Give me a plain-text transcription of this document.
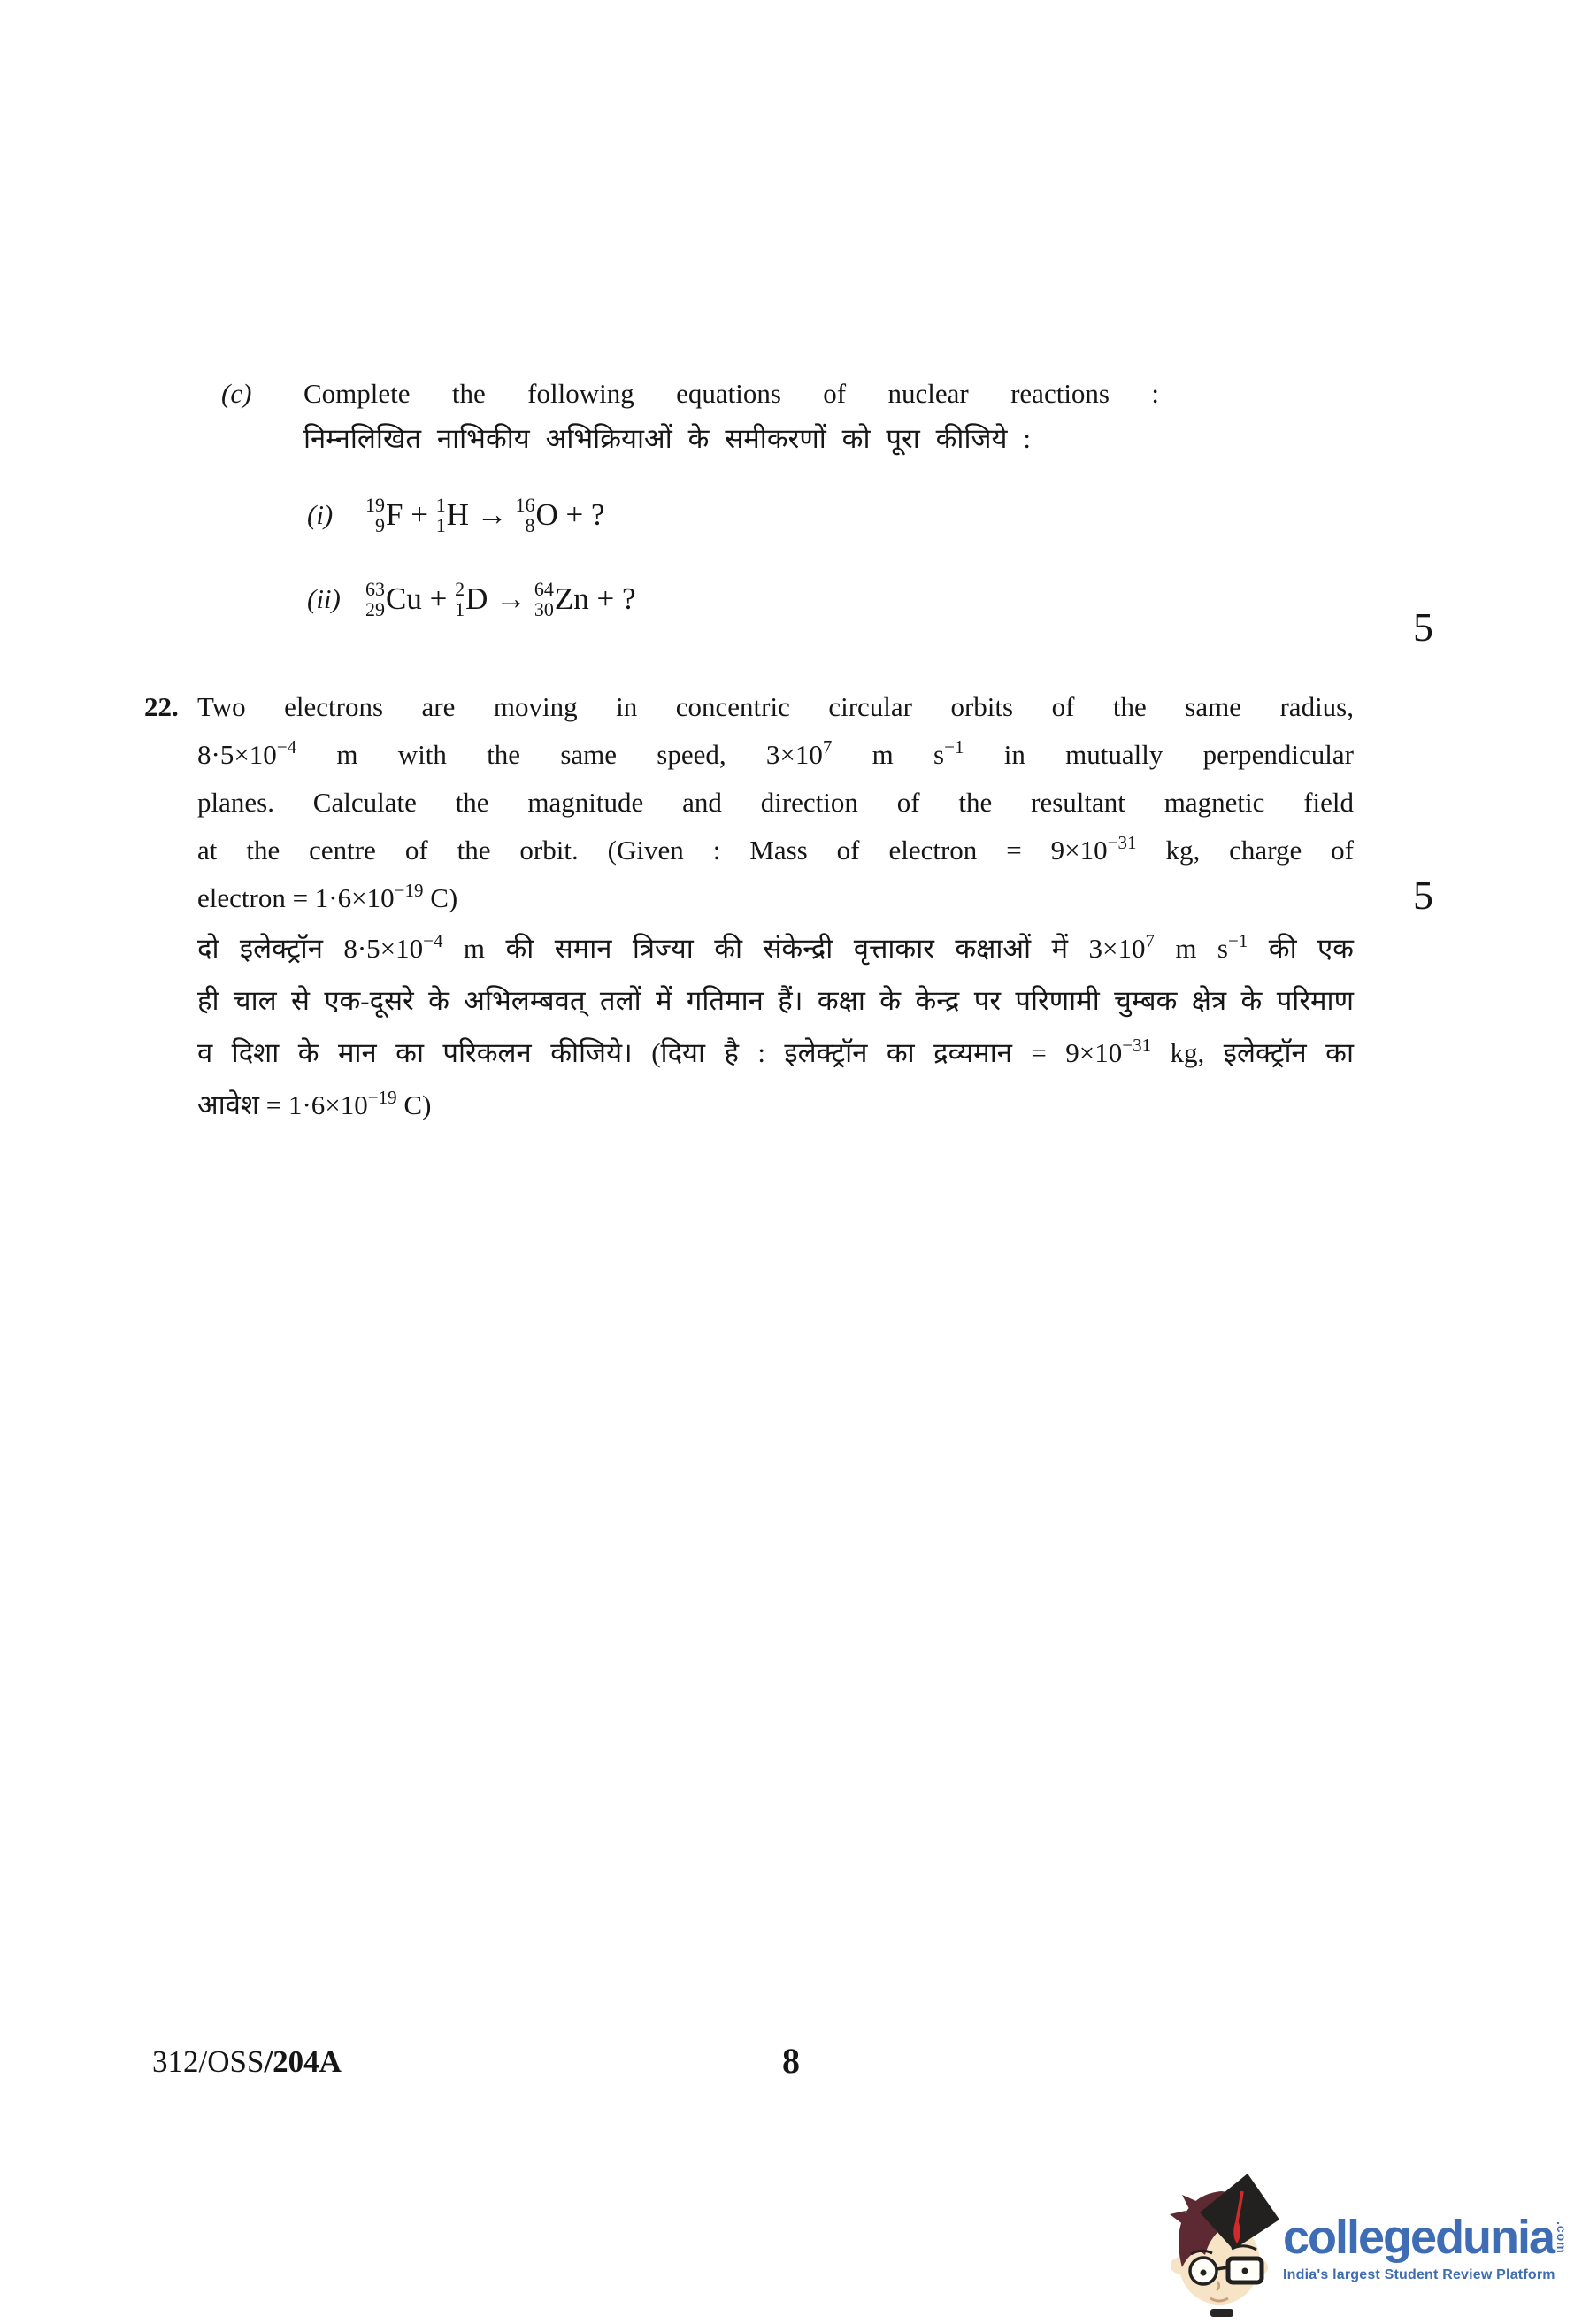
(c) Complete the following equations of nuclear reactions :
निम्नलिखित नाभिकीय अभिक्रियाओं के समीकरणों को पूरा कीजिये :
(i)	19
9 F + 1
1 H → 16
8 O + ?
(ii)	63
29 Cu + 2
1 D → 64
30 Zn + ?
5
22. Two electrons are moving in concentric circular orbits of the same radius,
$8\cdot 5\times 10^{-4}$ m with the same speed, $3\times 10^7$ m $s^{-1}$ in mutually perpendicular
planes. Calculate the magnitude and direction of the resultant magnetic field
at the centre of the orbit. (Given : Mass of electron = $9\times 10^{-31}$ kg, charge of
electron = $1\cdot 6\times 10^{-19}$ C)	5
दो इलेक्ट्रॉन $8\cdot 5\times 10^{-4}$ m की समान त्रिज्या की संकेन्द्री वृत्ताकार कक्षाओं में $3\times 10^7$ m $s^{-1}$ की एक
ही चाल से एक-दूसरे के अभिलम्बवत् तलों में गतिमान हैं। कक्षा के केन्द्र पर परिणामी चुम्बक क्षेत्र के परिमाण
व दिशा के मान का परिकलन कीजिये। (दिया है : इलेक्ट्रॉन का द्रव्यमान = $9\times 10^{-31}$ kg, इलेक्ट्रॉन का
आवेश = $1\cdot 6\times 10^{-19}$ C)
312/OSS/204A	8
collegedunia .com
India's largest Student Review Platform
